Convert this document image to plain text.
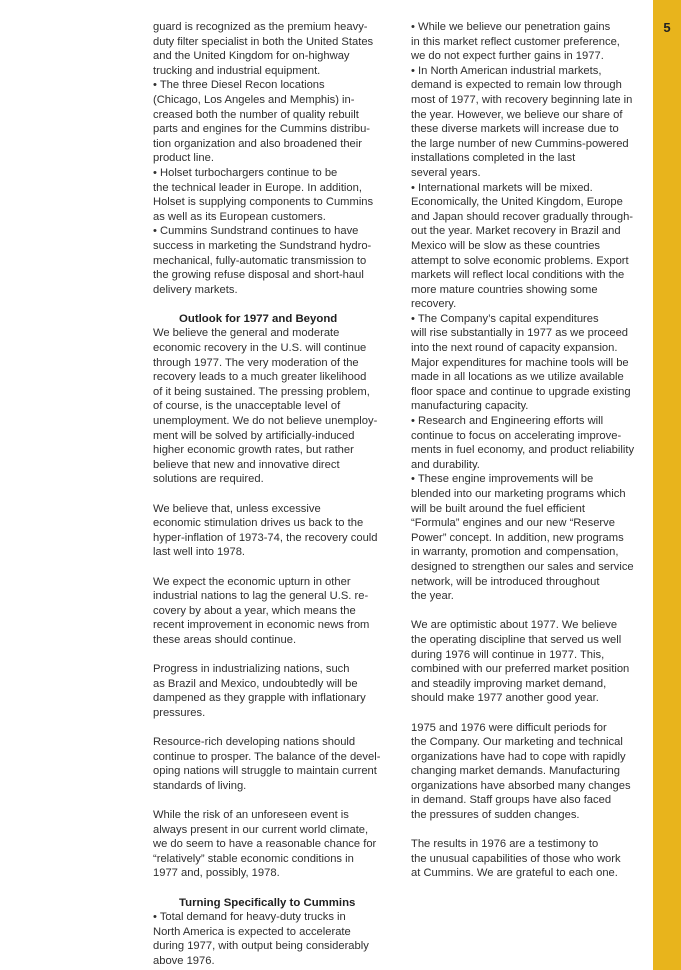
5
guard is recognized as the premium heavy-
duty filter specialist in both the United States
and the United Kingdom for on-highway
trucking and industrial equipment.
• The three Diesel Recon locations
(Chicago, Los Angeles and Memphis) in-
creased both the number of quality rebuilt
parts and engines for the Cummins distribu-
tion organization and also broadened their
product line.
• Holset turbochargers continue to be
the technical leader in Europe. In addition,
Holset is supplying components to Cummins
as well as its European customers.
• Cummins Sundstrand continues to have
success in marketing the Sundstrand hydro-
mechanical, fully-automatic transmission to
the growing refuse disposal and short-haul
delivery markets.
Outlook for 1977 and Beyond
We believe the general and moderate
economic recovery in the U.S. will continue
through 1977. The very moderation of the
recovery leads to a much greater likelihood
of it being sustained. The pressing problem,
of course, is the unacceptable level of
unemployment. We do not believe unemploy-
ment will be solved by artificially-induced
higher economic growth rates, but rather
believe that new and innovative direct
solutions are required.
We believe that, unless excessive
economic stimulation drives us back to the
hyper-inflation of 1973-74, the recovery could
last well into 1978.
We expect the economic upturn in other
industrial nations to lag the general U.S. re-
covery by about a year, which means the
recent improvement in economic news from
these areas should continue.
Progress in industrializing nations, such
as Brazil and Mexico, undoubtedly will be
dampened as they grapple with inflationary
pressures.
Resource-rich developing nations should
continue to prosper. The balance of the devel-
oping nations will struggle to maintain current
standards of living.
While the risk of an unforeseen event is
always present in our current world climate,
we do seem to have a reasonable chance for
“relatively” stable economic conditions in
1977 and, possibly, 1978.
Turning Specifically to Cummins
• Total demand for heavy-duty trucks in
North America is expected to accelerate
during 1977, with output being considerably
above 1976.
• While we believe our penetration gains
in this market reflect customer preference,
we do not expect further gains in 1977.
• In North American industrial markets,
demand is expected to remain low through
most of 1977, with recovery beginning late in
the year. However, we believe our share of
these diverse markets will increase due to
the large number of new Cummins-powered
installations completed in the last
several years.
• International markets will be mixed.
Economically, the United Kingdom, Europe
and Japan should recover gradually through-
out the year. Market recovery in Brazil and
Mexico will be slow as these countries
attempt to solve economic problems. Export
markets will reflect local conditions with the
more mature countries showing some
recovery.
• The Company’s capital expenditures
will rise substantially in 1977 as we proceed
into the next round of capacity expansion.
Major expenditures for machine tools will be
made in all locations as we utilize available
floor space and continue to upgrade existing
manufacturing capacity.
• Research and Engineering efforts will
continue to focus on accelerating improve-
ments in fuel economy, and product reliability
and durability.
• These engine improvements will be
blended into our marketing programs which
will be built around the fuel efficient
“Formula” engines and our new “Reserve
Power” concept. In addition, new programs
in warranty, promotion and compensation,
designed to strengthen our sales and service
network, will be introduced throughout
the year.
We are optimistic about 1977. We believe
the operating discipline that served us well
during 1976 will continue in 1977. This,
combined with our preferred market position
and steadily improving market demand,
should make 1977 another good year.
1975 and 1976 were difficult periods for
the Company. Our marketing and technical
organizations have had to cope with rapidly
changing market demands. Manufacturing
organizations have absorbed many changes
in demand. Staff groups have also faced
the pressures of sudden changes.
The results in 1976 are a testimony to
the unusual capabilities of those who work
at Cummins. We are grateful to each one.
